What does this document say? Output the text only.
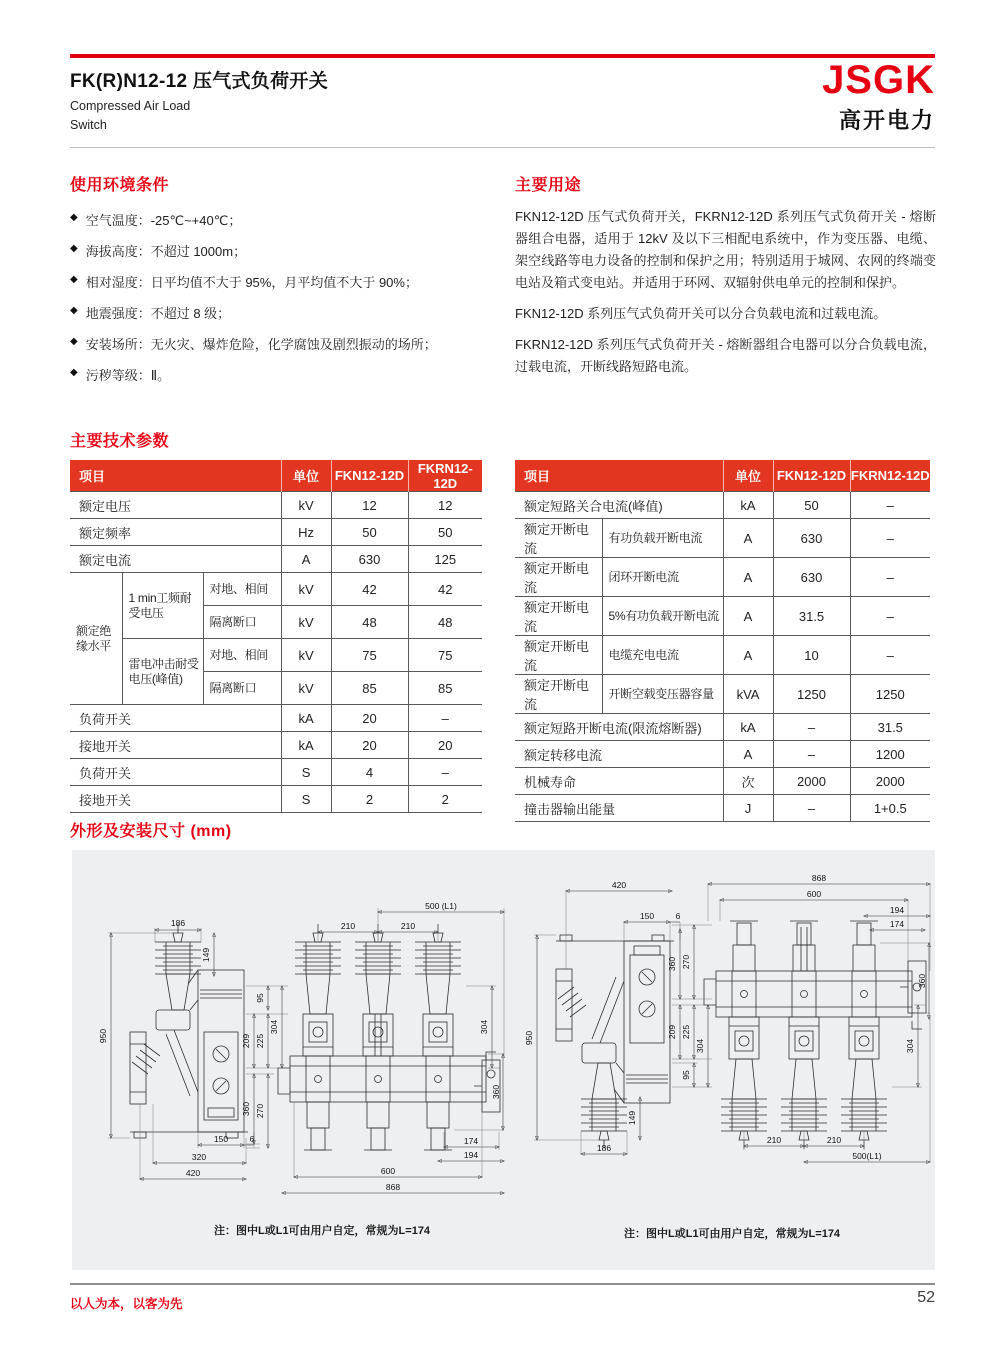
FK(R)N12-12 压气式负荷开关
Compressed Air Load Switch
JSGK
高开电力
使用环境条件
◆ 空气温度：-25℃~+40℃；
◆ 海拔高度：不超过 1000m；
◆ 相对湿度：日平均值不大于 95%，月平均值不大于 90%；
◆ 地震强度：不超过 8 级；
◆ 安装场所：无火灾、爆炸危险，化学腐蚀及剧烈振动的场所；
◆ 污秽等级：Ⅱ。
主要用途

FKN12-12D 压气式负荷开关，FKRN12-12D 系列压气式负荷开关 - 熔断器组合电器，适用于 12kV 及以下三相配电系统中，作为变压器、电缆、架空线路等电力设备的控制和保护之用；特别适用于城网、农网的终端变电站及箱式变电站。并适用于环网、双辐射供电单元的控制和保护。

FKN12-12D 系列压气式负荷开关可以分合负载电流和过载电流。

FKRN12-12D 系列压气式负荷开关 - 熔断器组合电器可以分合负载电流，过载电流，开断线路短路电流。

主要技术参数
项目			单位	FKN12-12D	FKRN12-12D
额定电压			kV	12	12
额定频率			Hz	50	50
额定电流			A	630	125
额定绝缘水平	1 min工频耐受电压	对地、相间	kV	42	42
		隔离断口	kV	48	48
	雷电冲击耐受电压(峰值)	对地、相间	kV	75	75
		隔离断口	kV	85	85
负荷开关			kA	20	–
接地开关			kA	20	20
负荷开关			S	4	–
接地开关			S	2	2
项目		单位	FKN12-12D	FKRN12-12D
额定短路关合电流(峰值)		kA	50	–
额定开断电流	有功负载开断电流	A	630	–
额定开断电流	闭环开断电流	A	630	–
额定开断电流	5%有功负载开断电流	A	31.5	–
额定开断电流	电缆充电电流	A	10	–
额定开断电流	开断空载变压器容量	kVA	1250	1250
额定短路开断电流(限流熔断器)		kA	–	31.5
额定转移电流		A	–	1200
机械寿命		次	2000	2000
撞击器输出能量		J	–	1+0.5
外形及安装尺寸 (mm)
186
149
950
150	6
320
420
209
360
95
225
270
304
500 (L1)
210	210
304
360
174
194
600
868
868
600
194
174
420
150	6
950
360
209
270
225
95
304
149
186
360
304
210	210
500(L1)
注：图中L或L1可由用户自定，常规为L=174	注：图中L或L1可由用户自定，常规为L=174
以人为本，以客为先	52
